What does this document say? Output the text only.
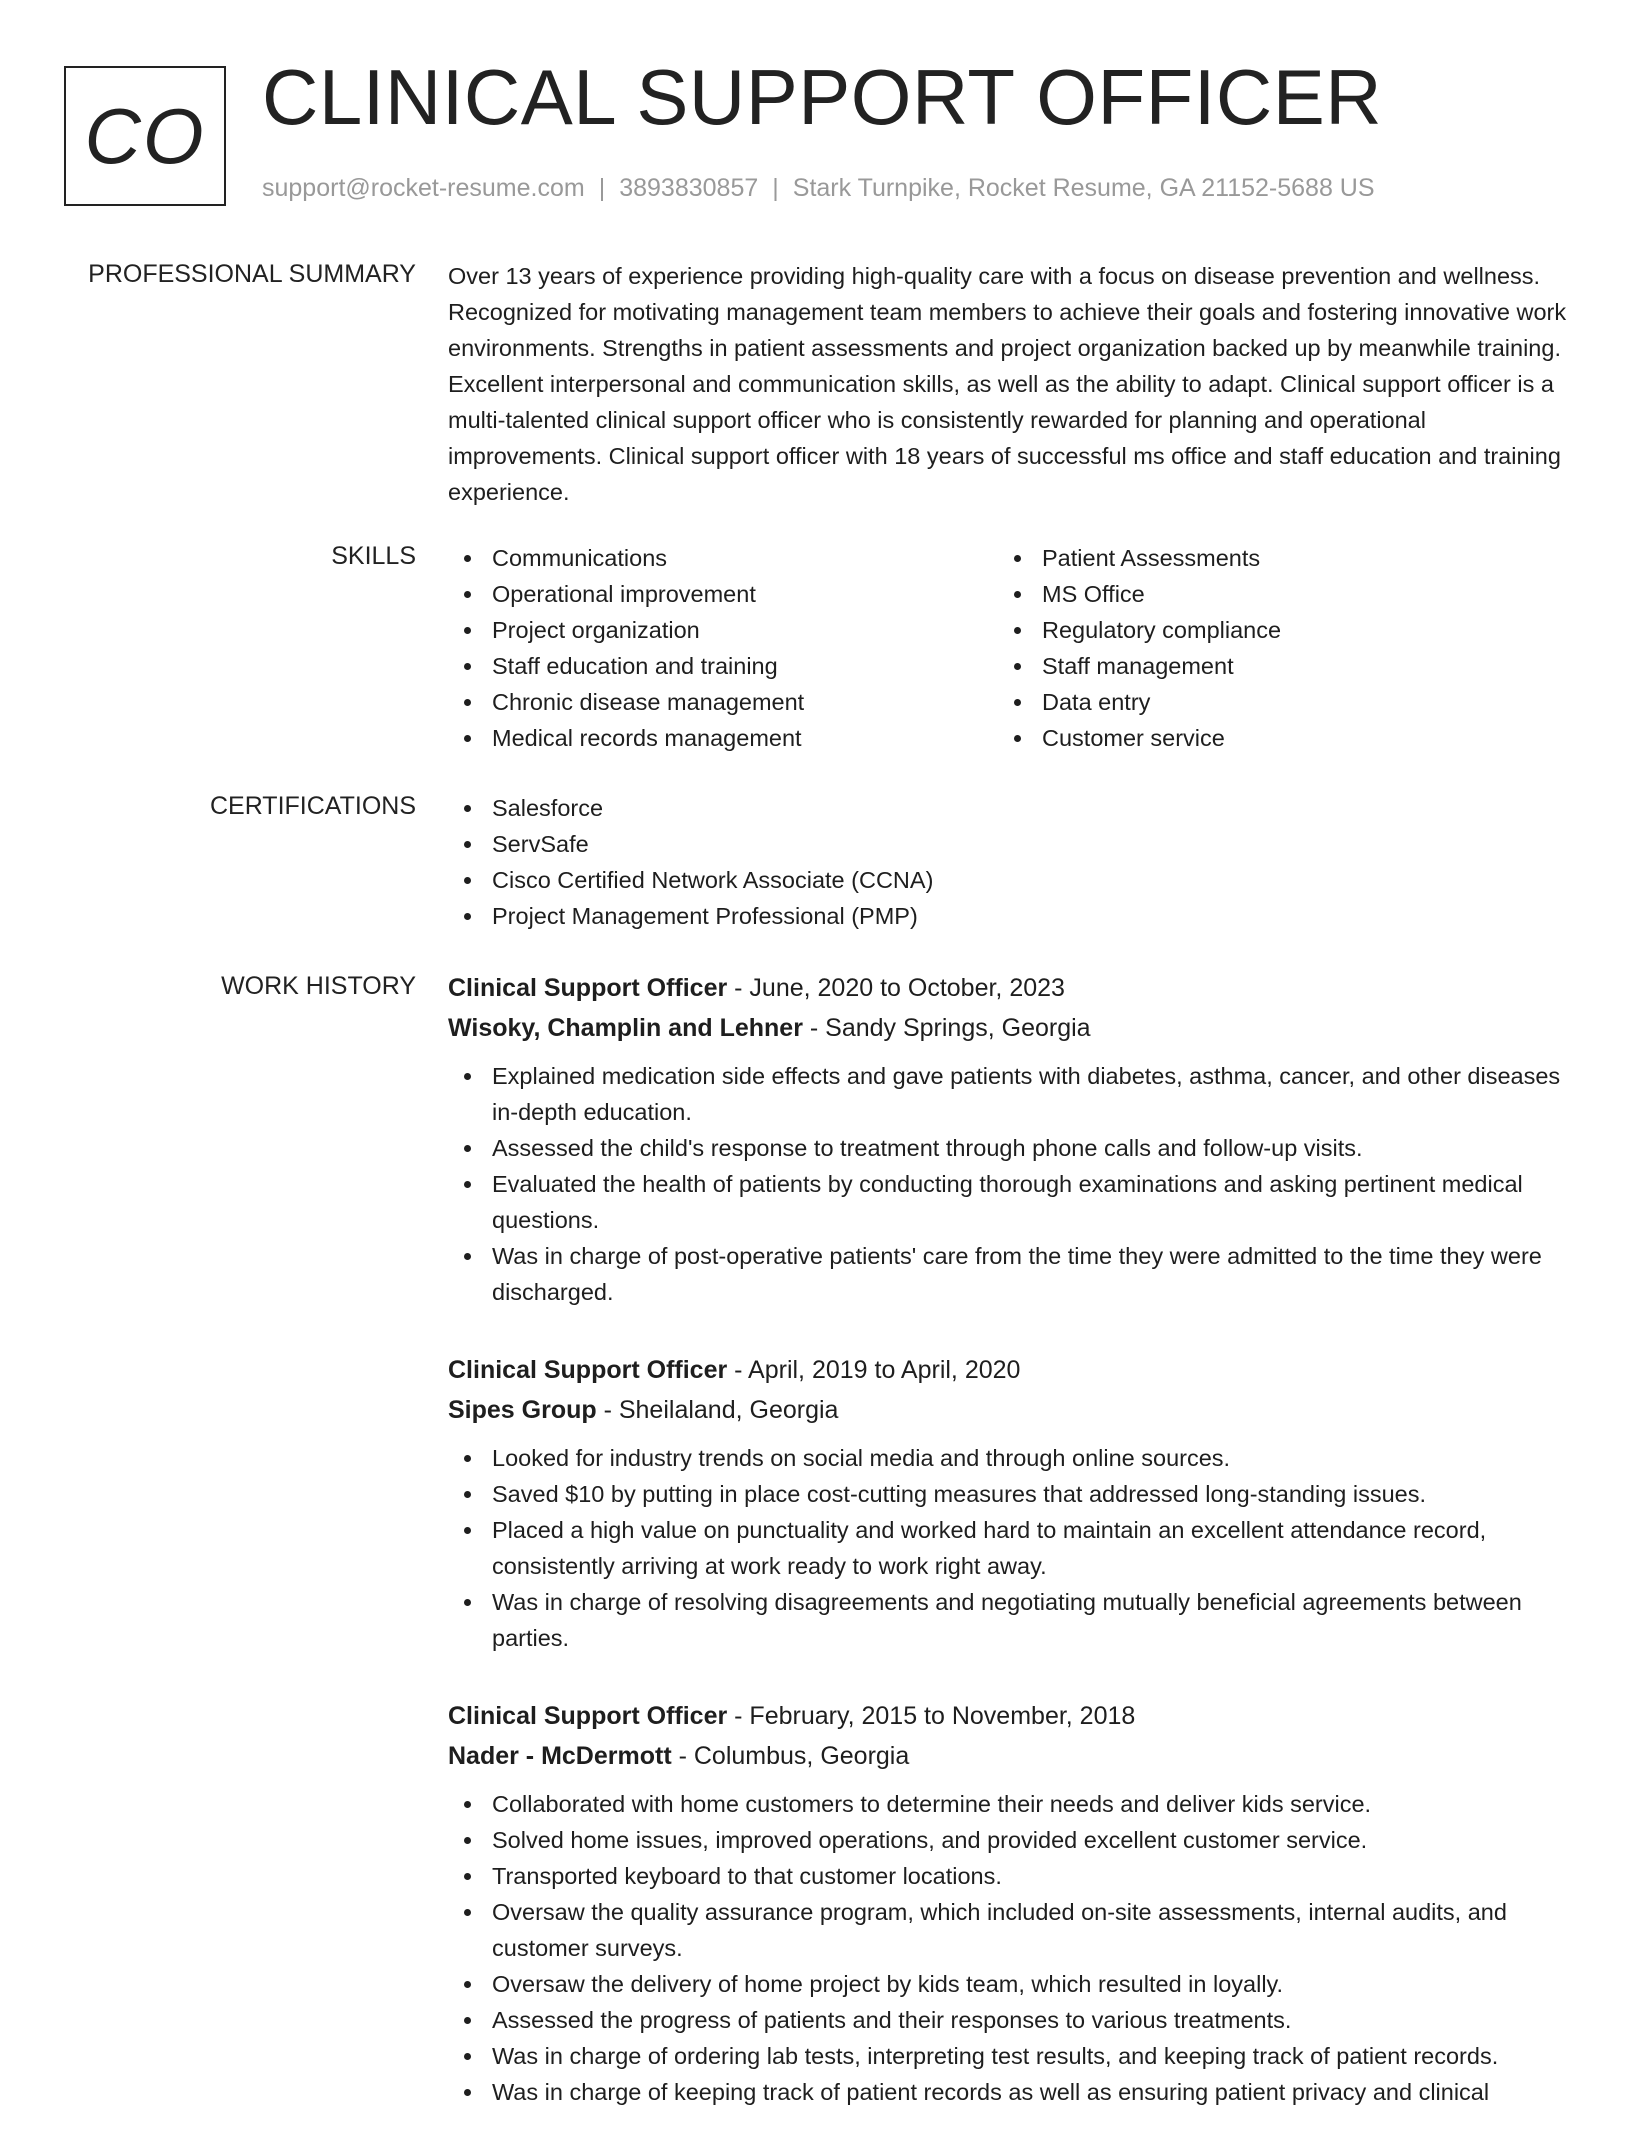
CO CLINICAL SUPPORT OFFICER
support@rocket-resume.com | 3893830857 | Stark Turnpike, Rocket Resume, GA 21152-5688 US
PROFESSIONAL SUMMARY Over 13 years of experience providing high-quality care with a focus on disease prevention and wellness. Recognized for motivating management team members to achieve their goals and fostering innovative work environments. Strengths in patient assessments and project organization backed up by meanwhile training. Excellent interpersonal and communication skills, as well as the ability to adapt. Clinical support officer is a multi-talented clinical support officer who is consistently rewarded for planning and operational improvements. Clinical support officer with 18 years of successful ms office and staff education and training experience.

SKILLS	Communications
Operational improvement
Project organization
Staff education and training
Chronic disease management
Medical records management
Patient Assessments
MS Office
Regulatory compliance
Staff management
Data entry
Customer service
CERTIFICATIONS	Salesforce
ServSafe
Cisco Certified Network Associate (CCNA)
Project Management Professional (PMP)
WORK HISTORY Clinical Support Officer - June, 2020 to October, 2023
Wisoky, Champlin and Lehner - Sandy Springs, Georgia
Explained medication side effects and gave patients with diabetes, asthma, cancer, and other diseases in-depth education.
Assessed the child's response to treatment through phone calls and follow-up visits.
Evaluated the health of patients by conducting thorough examinations and asking pertinent medical questions.
Was in charge of post-operative patients' care from the time they were admitted to the time they were discharged.
Clinical Support Officer - April, 2019 to April, 2020
Sipes Group - Sheilaland, Georgia
Looked for industry trends on social media and through online sources.
Saved $10 by putting in place cost-cutting measures that addressed long-standing issues.
Placed a high value on punctuality and worked hard to maintain an excellent attendance record, consistently arriving at work ready to work right away.
Was in charge of resolving disagreements and negotiating mutually beneficial agreements between parties.
Clinical Support Officer - February, 2015 to November, 2018
Nader - McDermott - Columbus, Georgia
Collaborated with home customers to determine their needs and deliver kids service.
Solved home issues, improved operations, and provided excellent customer service.
Transported keyboard to that customer locations.
Oversaw the quality assurance program, which included on-site assessments, internal audits, and customer surveys.
Oversaw the delivery of home project by kids team, which resulted in loyally.
Assessed the progress of patients and their responses to various treatments.
Was in charge of ordering lab tests, interpreting test results, and keeping track of patient records.
Was in charge of keeping track of patient records as well as ensuring patient privacy and clinical
